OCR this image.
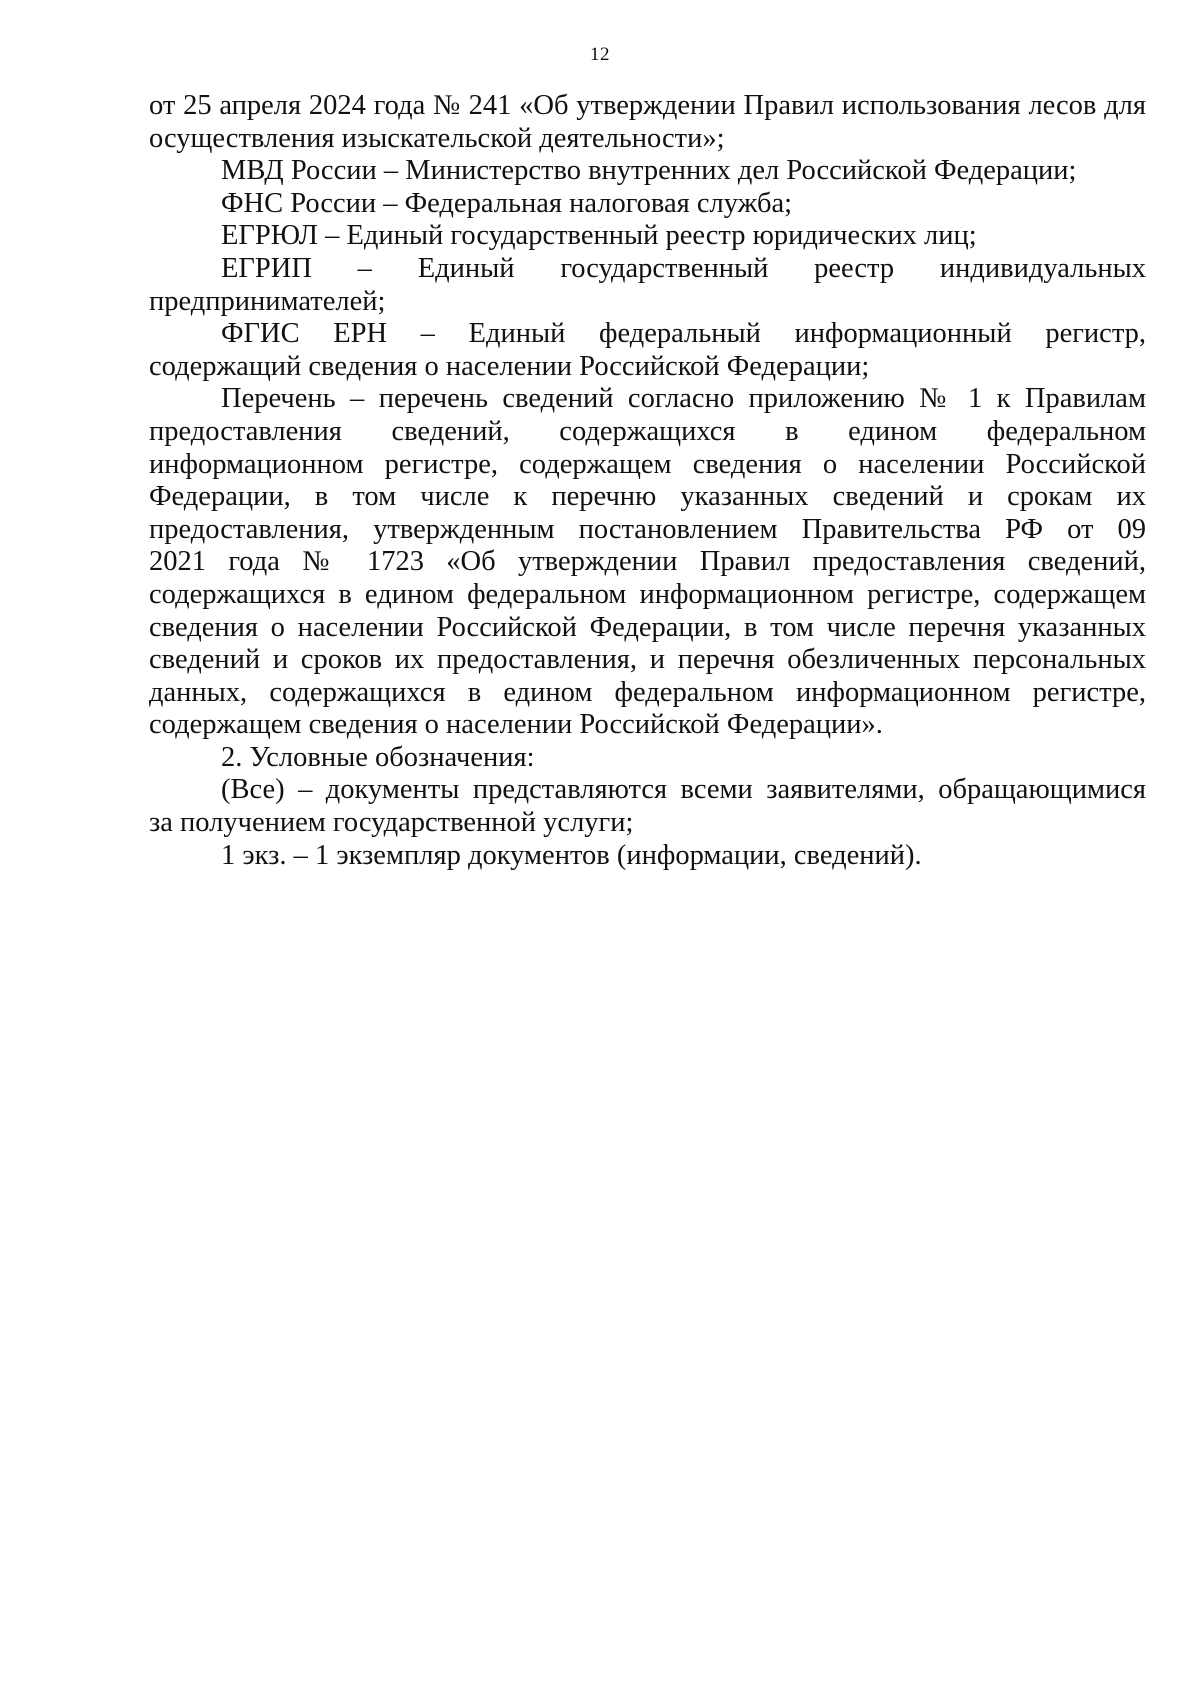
12
от 25 апреля 2024 года № 241 «Об утверждении Правил использования лесов для
осуществления изыскательской деятельности»;
МВД России – Министерство внутренних дел Российской Федерации;
ФНС России – Федеральная налоговая служба;
ЕГРЮЛ – Единый государственный реестр юридических лиц;
ЕГРИП – Единый государственный реестр индивидуальных
предпринимателей;
ФГИС ЕРН – Единый федеральный информационный регистр,
содержащий сведения о населении Российской Федерации;
Перечень – перечень сведений согласно приложению № 1 к Правилам
предоставления сведений, содержащихся в едином федеральном
информационном регистре, содержащем сведения о населении Российской
Федерации, в том числе к перечню указанных сведений и срокам их
предоставления, утвержденным постановлением Правительства РФ от 09
2021 года № 1723 «Об утверждении Правил предоставления сведений,
содержащихся в едином федеральном информационном регистре, содержащем
сведения о населении Российской Федерации, в том числе перечня указанных
сведений и сроков их предоставления, и перечня обезличенных персональных
данных, содержащихся в едином федеральном информационном регистре,
содержащем сведения о населении Российской Федерации».
2. Условные обозначения:
(Все) – документы представляются всеми заявителями, обращающимися
за получением государственной услуги;
1 экз. – 1 экземпляр документов (информации, сведений).
